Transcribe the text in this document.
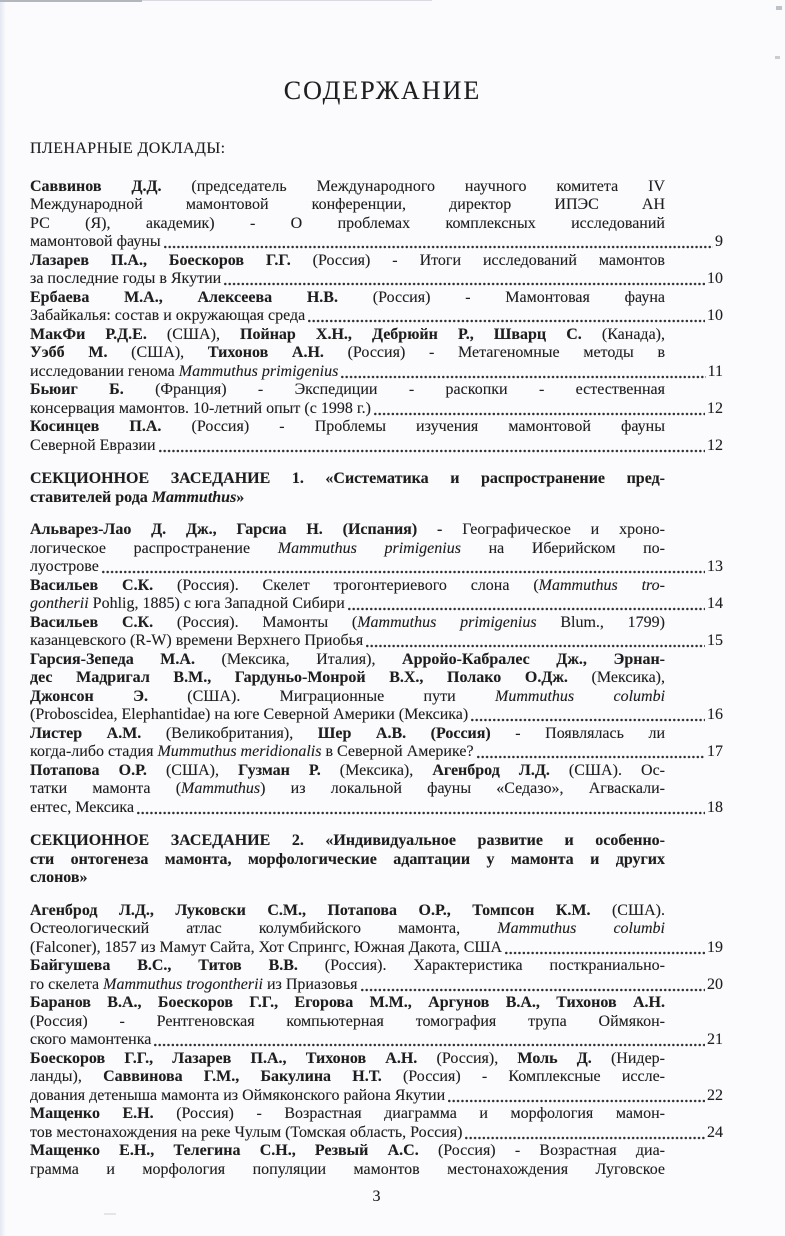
СОДЕРЖАНИЕ
ПЛЕНАРНЫЕ ДОКЛАДЫ:
Саввинов Д.Д. (председатель Международного научного комитета IV
Международной мамонтовой конференции, директор ИПЭС АН
РС (Я), академик) - О проблемах комплексных исследований
мамонтовой фауны	9
Лазарев П.А., Боескоров Г.Г. (Россия) - Итоги исследований мамонтов
за последние годы в Якутии	10
Ербаева М.А., Алексеева Н.В. (Россия) - Мамонтовая фауна
Забайкалья: состав и окружающая среда	10
МакФи Р.Д.Е. (США), Пойнар Х.Н., Дебрюйн Р., Шварц С. (Канада),
Уэбб М. (США), Тихонов А.Н. (Россия) - Метагеномные методы в
исследовании генома Mammuthus primigenius	11
Бьюиг Б. (Франция) - Экспедиции - раскопки - естественная
консервация мамонтов. 10-летний опыт (с 1998 г.)	12
Косинцев П.А. (Россия) - Проблемы изучения мамонтовой фауны
Северной Евразии	12
СЕКЦИОННОЕ ЗАСЕДАНИЕ 1. «Систематика и распространение пред-
ставителей рода Mammuthus»
Альварез-Лао Д. Дж., Гарсиа Н. (Испания) - Географическое и хроно-
логическое распространение Mammuthus primigenius на Иберийском по-
луострове	13
Васильев С.К. (Россия). Скелет трогонтериевого слона (Mammuthus tro-
gontherii Pohlig, 1885) с юга Западной Сибири	14
Васильев С.К. (Россия). Мамонты (Mammuthus primigenius Blum., 1799)
казанцевского (R-W) времени Верхнего Приобья	15
Гарсия-Зепеда М.А. (Мексика, Италия), Арройо-Кабралес Дж., Эрнан-
дес Мадригал В.М., Гардуньо-Монрой В.Х., Полако О.Дж. (Мексика),
Джонсон Э. (США). Миграционные пути Mummuthus columbi
(Proboscidea, Elephantidae) на юге Северной Америки (Мексика)	16
Листер А.М. (Великобритания), Шер А.В. (Россия) - Появлялась ли
когда-либо стадия Mummuthus meridionalis в Северной Америке?	17
Потапова О.Р. (США), Гузман Р. (Мексика), Агенброд Л.Д. (США). Ос-
татки мамонта (Mammuthus) из локальной фауны «Седазо», Агваскали-
ентес, Мексика	18
СЕКЦИОННОЕ ЗАСЕДАНИЕ 2. «Индивидуальное развитие и особенно-
сти онтогенеза мамонта, морфологические адаптации у мамонта и других
слонов»
Агенброд Л.Д., Луковски С.М., Потапова О.Р., Томпсон К.М. (США).
Остеологический атлас колумбийского мамонта, Mammuthus columbi
(Falconer), 1857 из Мамут Сайта, Хот Спрингс, Южная Дакота, США	19
Байгушева В.С., Титов В.В. (Россия). Характеристика посткраниально-
го скелета Mammuthus trogontherii из Приазовья	20
Баранов В.А., Боескоров Г.Г., Егорова М.М., Аргунов В.А., Тихонов А.Н.
(Россия) - Рентгеновская компьютерная томография трупа Оймякон-
ского мамонтенка	21
Боескоров Г.Г., Лазарев П.А., Тихонов А.Н. (Россия), Моль Д. (Нидер-
ланды), Саввинова Г.М., Бакулина Н.Т. (Россия) - Комплексные иссле-
дования детеныша мамонта из Оймяконского района Якутии	22
Мащенко Е.Н. (Россия) - Возрастная диаграмма и морфология мамон-
тов местонахождения на реке Чулым (Томская область, Россия)	24
Мащенко Е.Н., Телегина С.Н., Резвый А.С. (Россия) - Возрастная диа-
грамма и морфология популяции мамонтов местонахождения Луговское
3
